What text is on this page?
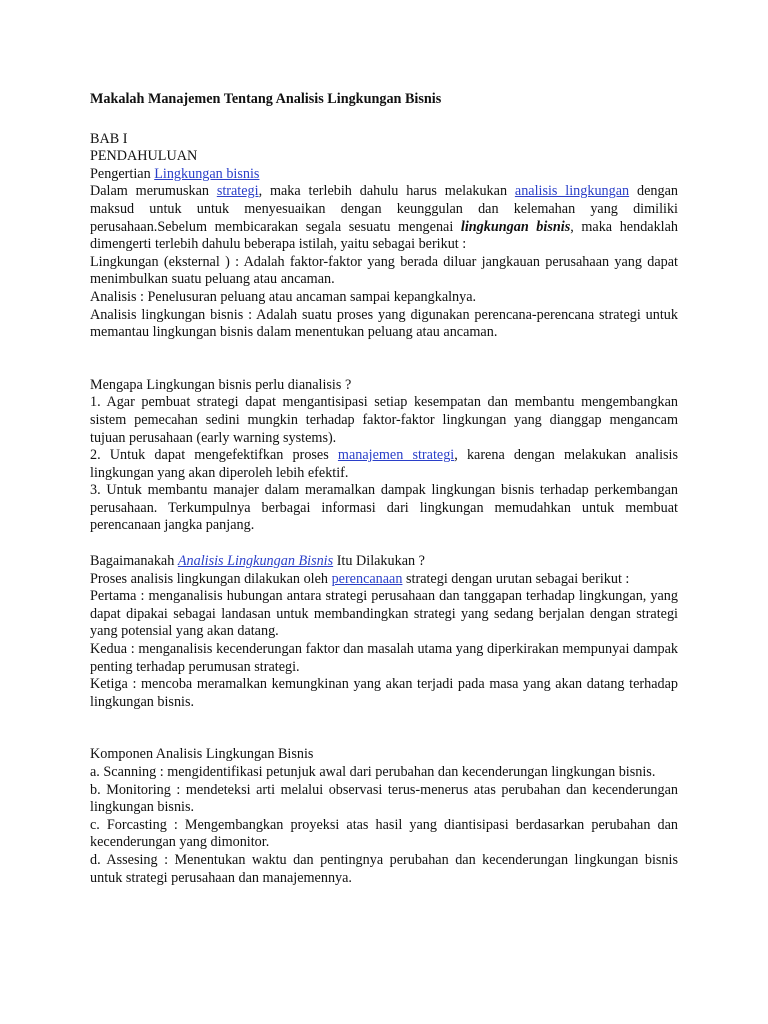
Makalah Manajemen Tentang Analisis Lingkungan Bisnis

BAB I

PENDAHULUAN

Pengertian Lingkungan bisnis

Dalam merumuskan strategi, maka terlebih dahulu harus melakukan analisis lingkungan dengan maksud untuk untuk menyesuaikan dengan keunggulan dan kelemahan yang dimiliki perusahaan.Sebelum membicarakan segala sesuatu mengenai lingkungan bisnis, maka hendaklah dimengerti terlebih dahulu beberapa istilah, yaitu sebagai berikut :

Lingkungan (eksternal ) : Adalah faktor-faktor yang berada diluar jangkauan perusahaan yang dapat menimbulkan suatu peluang atau ancaman.

Analisis : Penelusuran peluang atau ancaman sampai kepangkalnya.

Analisis lingkungan bisnis : Adalah suatu proses yang digunakan perencana-perencana strategi untuk memantau lingkungan bisnis dalam menentukan peluang atau ancaman.

Mengapa Lingkungan bisnis perlu dianalisis ?

1. Agar pembuat strategi dapat mengantisipasi setiap kesempatan dan membantu mengembangkan sistem pemecahan sedini mungkin terhadap faktor-faktor lingkungan yang dianggap mengancam tujuan perusahaan (early warning systems).

2. Untuk dapat mengefektifkan proses manajemen strategi, karena dengan melakukan analisis lingkungan yang akan diperoleh lebih efektif.

3. Untuk membantu manajer dalam meramalkan dampak lingkungan bisnis terhadap perkembangan perusahaan. Terkumpulnya berbagai informasi dari lingkungan memudahkan untuk membuat perencanaan jangka panjang.

Bagaimanakah Analisis Lingkungan Bisnis Itu Dilakukan ?

Proses analisis lingkungan dilakukan oleh perencanaan strategi dengan urutan sebagai berikut :

Pertama : menganalisis hubungan antara strategi perusahaan dan tanggapan terhadap lingkungan, yang dapat dipakai sebagai landasan untuk membandingkan strategi yang sedang berjalan dengan strategi yang potensial yang akan datang.

Kedua : menganalisis kecenderungan faktor dan masalah utama yang diperkirakan mempunyai dampak penting terhadap perumusan strategi.

Ketiga : mencoba meramalkan kemungkinan yang akan terjadi pada masa yang akan datang terhadap lingkungan bisnis.

Komponen Analisis Lingkungan Bisnis

a. Scanning : mengidentifikasi petunjuk awal dari perubahan dan kecenderungan lingkungan bisnis.

b. Monitoring : mendeteksi arti melalui observasi terus-menerus atas perubahan dan kecenderungan lingkungan bisnis.

c. Forcasting : Mengembangkan proyeksi atas hasil yang diantisipasi berdasarkan perubahan dan kecenderungan yang dimonitor.

d. Assesing : Menentukan waktu dan pentingnya perubahan dan kecenderungan lingkungan bisnis untuk strategi perusahaan dan manajemennya.
